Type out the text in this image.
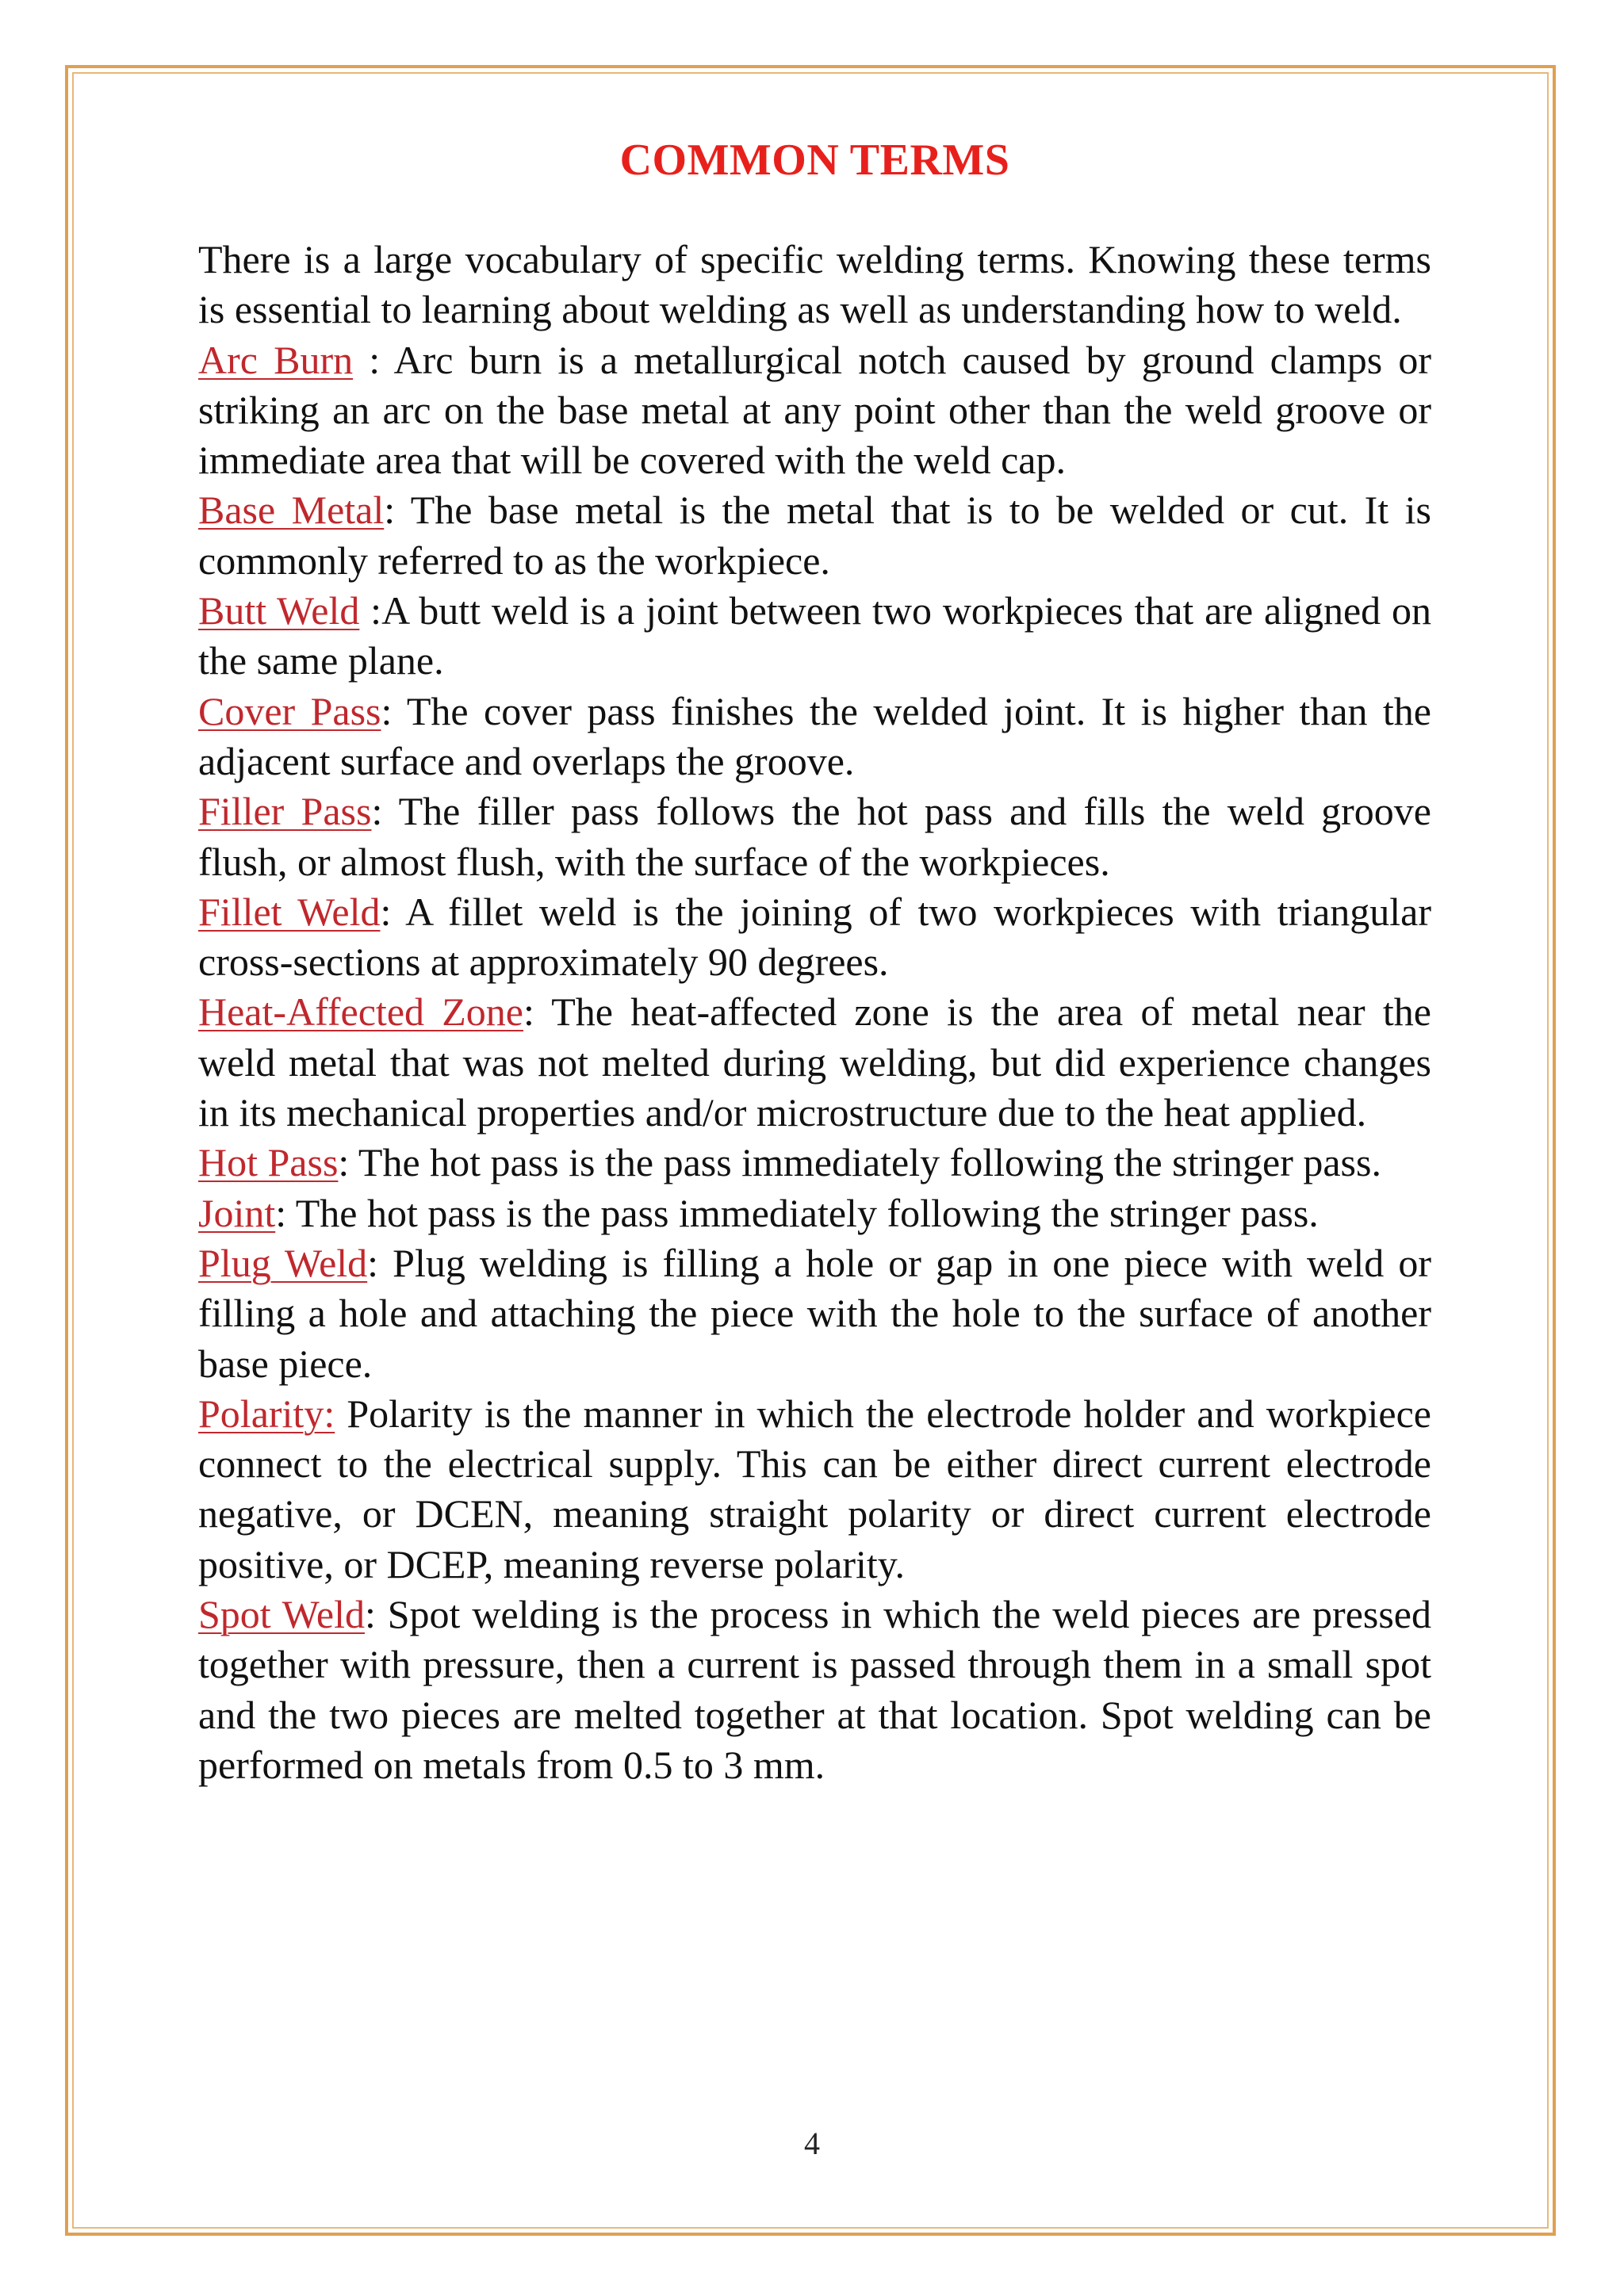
COMMON TERMS

There is a large vocabulary of specific welding terms. Knowing these terms is essential to learning about welding as well as understanding how to weld.

Arc Burn : Arc burn is a metallurgical notch caused by ground clamps or striking an arc on the base metal at any point other than the weld groove or immediate area that will be covered with the weld cap.

Base Metal: The base metal is the metal that is to be welded or cut. It is commonly referred to as the workpiece.

Butt Weld :A butt weld is a joint between two workpieces that are aligned on the same plane.

Cover Pass: The cover pass finishes the welded joint. It is higher than the adjacent surface and overlaps the groove.

Filler Pass: The filler pass follows the hot pass and fills the weld groove flush, or almost flush, with the surface of the workpieces.

Fillet Weld: A fillet weld is the joining of two workpieces with triangular cross-sections at approximately 90 degrees.

Heat-Affected Zone: The heat-affected zone is the area of metal near the weld metal that was not melted during welding, but did experience changes in its mechanical properties and/or microstructure due to the heat applied.

Hot Pass: The hot pass is the pass immediately following the stringer pass.

Joint: The hot pass is the pass immediately following the stringer pass.

Plug Weld: Plug welding is filling a hole or gap in one piece with weld or filling a hole and attaching the piece with the hole to the surface of another base piece.

Polarity: Polarity is the manner in which the electrode holder and workpiece connect to the electrical supply. This can be either direct current electrode negative, or DCEN, meaning straight polarity or direct current electrode positive, or DCEP, meaning reverse polarity.

Spot Weld: Spot welding is the process in which the weld pieces are pressed together with pressure, then a current is passed through them in a small spot and the two pieces are melted together at that location. Spot welding can be performed on metals from 0.5 to 3 mm.

4
